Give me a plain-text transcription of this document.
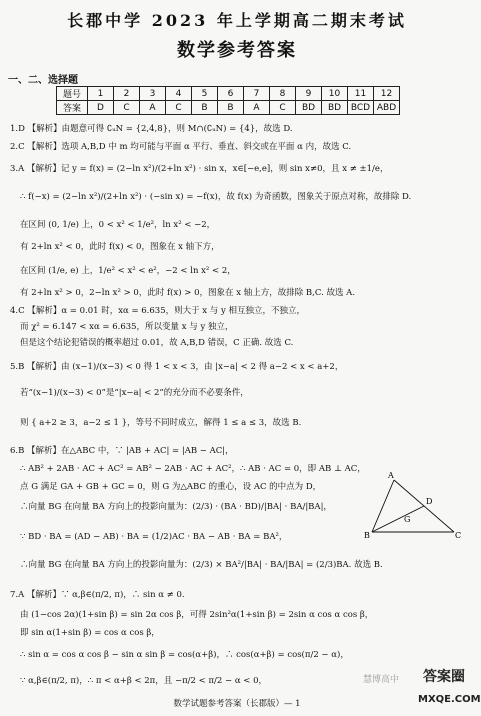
长郡中学 2023 年上学期高二期末考试
数学参考答案
一、二、选择题
题号	1	2	3	4	5	6	7	8	9	10	11	12
答案	D	C	A	C	B	B	A	C	BD	BD	BCD	ABD
1.D 【解析】由题意可得 ∁ᵤN = {2,4,8}，则 M∩(∁ᵤN) = {4}，故选 D.
2.C 【解析】选项 A,B,D 中 m 均可能与平面 α 平行、垂直、斜交或在平面 α 内，故选 C.
3.A 【解析】记 y = f(x) = (2−ln x²)/(2+ln x²) · sin x，x∈[−e,e]，则 sin x≠0，且 x ≠ ±1/e，
∴ f(−x) = (2−ln x²)/(2+ln x²) · (−sin x) = −f(x)，故 f(x) 为奇函数，图象关于原点对称，故排除 D.
在区间 (0, 1/e) 上，0 < x² < 1/e²，ln x² < −2，
有 2+ln x² < 0，此时 f(x) < 0，图象在 x 轴下方，
在区间 (1/e, e) 上，1/e² < x² < e²，−2 < ln x² < 2，
有 2+ln x² > 0，2−ln x² > 0，此时 f(x) > 0，图象在 x 轴上方，故排除 B,C. 故选 A.
4.C 【解析】α = 0.01 时，xα = 6.635，则大于 x 与 y 相互独立，不独立，
而 χ² = 6.147 < xα = 6.635，所以变量 x 与 y 独立，
但是这个结论犯错误的概率超过 0.01，故 A,B,D 错误，C 正确. 故选 C.
5.B 【解析】由 (x−1)/(x−3) < 0 得 1 < x < 3，由 |x−a| < 2 得 a−2 < x < a+2，
若“(x−1)/(x−3) < 0”是“|x−a| < 2”的充分而不必要条件，
则 { a+2 ≥ 3，a−2 ≤ 1 }，等号不同时成立，解得 1 ≤ a ≤ 3，故选 B.
6.B 【解析】在△ABC 中，∵ |AB + AC| = |AB − AC|，
∴ AB² + 2AB · AC + AC² = AB² − 2AB · AC + AC²，∴ AB · AC = 0，即 AB ⊥ AC，
点 G 满足 GA + GB + GC = 0，则 G 为△ABC 的重心，设 AC 的中点为 D，
∴向量 BG 在向量 BA 方向上的投影向量为：(2/3) · (BA · BD)/|BA| · BA/|BA|，
∵ BD · BA = (AD − AB) · BA = (1/2)AC · BA − AB · BA = BA²，
∴向量 BG 在向量 BA 方向上的投影向量为：(2/3) × BA²/|BA| · BA/|BA| = (2/3)BA. 故选 B.
A
B	C
D
G
7.A 【解析】∵ α,β∈(π/2, π)，∴ sin α ≠ 0.
由 (1−cos 2α)(1+sin β) = sin 2α cos β，可得 2sin²α(1+sin β) = 2sin α cos α cos β，
即 sin α(1+sin β) = cos α cos β，
∴ sin α = cos α cos β − sin α sin β = cos(α+β)，∴ cos(α+β) = cos(π/2 − α)，
∵ α,β∈(π/2, π)，∴ π < α+β < 2π，且 −π/2 < π/2 − α < 0，
数学试题参考答案（长郡版）— 1
慧博高中	答案圈
MXQE.COM
